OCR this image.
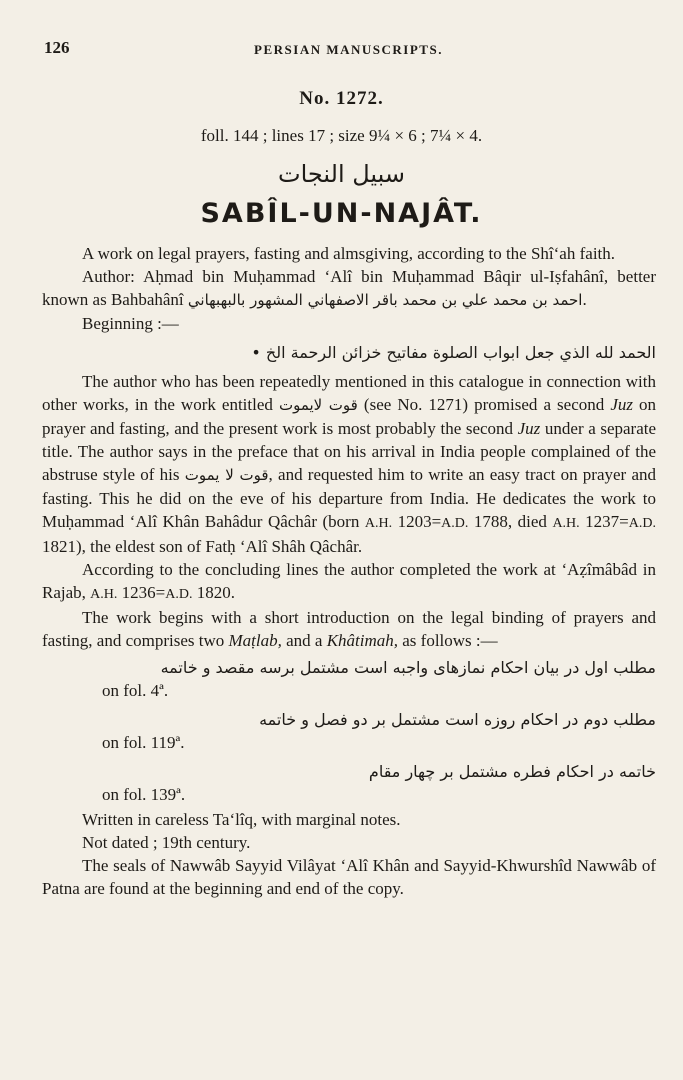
126	PERSIAN MANUSCRIPTS.
No. 1272.
foll. 144 ; lines 17 ; size 9¼ × 6 ; 7¼ × 4.
سبيل النجات
SABÎL-UN-NAJÂT.

A work on legal prayers, fasting and almsgiving, according to the Shî‘ah faith.

Author: Aḥmad bin Muḥammad ‘Alî bin Muḥammad Bâqir ul-Iṣfahânî, better known as Bahbahânî احمد بن محمد علي بن محمد باقر الاصفهاني المشهور بالبهبهاني.

Beginning :—

الحمد لله الذي جعل ابواب الصلوة مفاتيح خزائن الرحمة الخ •

The author who has been repeatedly mentioned in this catalogue in connection with other works, in the work entitled قوت لايموت (see No. 1271) promised a second Juz on prayer and fasting, and the present work is most probably the second Juz under a separate title. The author says in the preface that on his arrival in India people complained of the abstruse style of his قوت لا يموت, and requested him to write an easy tract on prayer and fasting. This he did on the eve of his departure from India. He dedicates the work to Muḥammad ‘Alî Khân Bahâdur Qâchâr (born A.H. 1203=A.D. 1788, died A.H. 1237=A.D. 1821), the eldest son of Fatḥ ‘Alî Shâh Qâchâr.

According to the concluding lines the author completed the work at ‘Aẓîmâbâd in Rajab, A.H. 1236=A.D. 1820.

The work begins with a short introduction on the legal binding of prayers and fasting, and comprises two Maṭlab, and a Khâtimah, as follows :—

مطلب اول در بیان احکام نمازهای واجبه است مشتمل برسه مقصد و خاتمه
on fol. 4ª.
مطلب دوم در احکام روزه است مشتمل بر دو فصل و خاتمه
on fol. 119ª.
خاتمه در احکام فطره مشتمل بر چهار مقام
on fol. 139ª.

Written in careless Ta‘lîq, with marginal notes.

Not dated ; 19th century.

The seals of Nawwâb Sayyid Vilâyat ‘Alî Khân and Sayyid-Khwurshîd Nawwâb of Patna are found at the beginning and end of the copy.
